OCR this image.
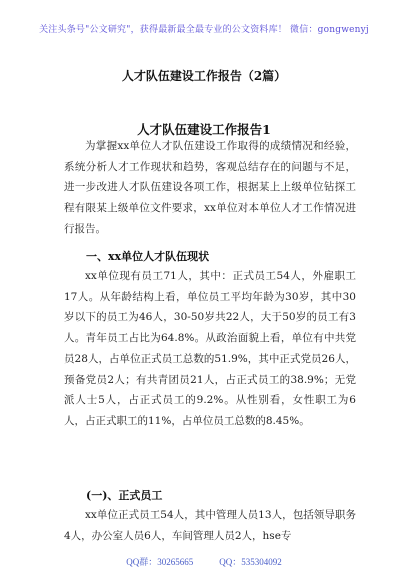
关注头条号"公文研究"，获得最新最全最专业的公文资料库！ 微信：gongwenyj
人才队伍建设工作报告（2篇）
人才队伍建设工作报告1

为掌握xx单位人才队伍建设工作取得的成绩情况和经验，系统分析人才工作现状和趋势，客观总结存在的问题与不足，进一步改进人才队伍建设各项工作，根据某上上级单位钻探工程有限某上级单位文件要求，xx单位对本单位人才工作情况进行报告。

一、xx单位人才队伍现状

xx单位现有员工71人，其中：正式员工54人，外雇职工17人。从年龄结构上看，单位员工平均年龄为30岁，其中30岁以下的员工为46人，30-50岁共22人，大于50岁的员工有3人。青年员工占比为64.8%。从政治面貌上看，单位有中共党员28人，占单位正式员工总数的51.9%，其中正式党员26人，预备党员2人；有共青团员21人，占正式员工的38.9%；无党派人士5人，占正式员工的9.2%。从性别看，女性职工为6人，占正式职工的11%，占单位员工总数的8.45%。

(一)、正式员工

xx单位正式员工54人，其中管理人员13人，包括领导职务4人，办公室人员6人，车间管理人员2人，hse专

QQ群：30265665	QQ：535304092
